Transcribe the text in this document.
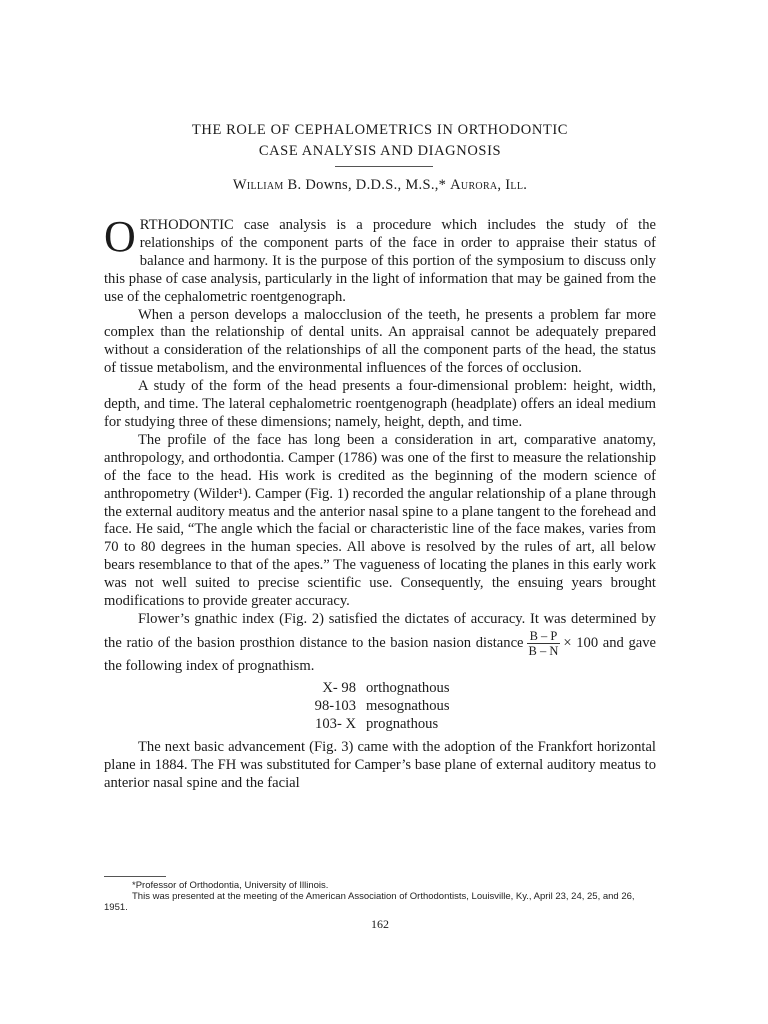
THE ROLE OF CEPHALOMETRICS IN ORTHODONTIC
CASE ANALYSIS AND DIAGNOSIS
William B. Downs, D.D.S., M.S.,* Aurora, Ill.

ORTHODONTIC case analysis is a procedure which includes the study of the relationships of the component parts of the face in order to appraise their status of balance and harmony. It is the purpose of this portion of the symposium to discuss only this phase of case analysis, particularly in the light of information that may be gained from the use of the cephalometric roentgenograph.

When a person develops a malocclusion of the teeth, he presents a problem far more complex than the relationship of dental units. An appraisal cannot be adequately prepared without a consideration of the relationships of all the component parts of the head, the status of tissue metabolism, and the environmental influences of the forces of occlusion.

A study of the form of the head presents a four-dimensional problem: height, width, depth, and time. The lateral cephalometric roentgenograph (headplate) offers an ideal medium for studying three of these dimensions; namely, height, depth, and time.

The profile of the face has long been a consideration in art, comparative anatomy, anthropology, and orthodontia. Camper (1786) was one of the first to measure the relationship of the face to the head. His work is credited as the beginning of the modern science of anthropometry (Wilder¹). Camper (Fig. 1) recorded the angular relationship of a plane through the external auditory meatus and the anterior nasal spine to a plane tangent to the forehead and face. He said, “The angle which the facial or characteristic line of the face makes, varies from 70 to 80 degrees in the human species. All above is resolved by the rules of art, all below bears resemblance to that of the apes.” The vagueness of locating the planes in this early work was not well suited to precise scientific use. Consequently, the ensuing years brought modifications to provide greater accuracy.

Flower’s gnathic index (Fig. 2) satisfied the dictates of accuracy. It was determined by the ratio of the basion prosthion distance to the basion nasion distance $\frac{B - P}{B - N} \times 100$ and gave the following index of prognathism.

X- 98 orthognathous
98-103 mesognathous
103- X prognathous

The next basic advancement (Fig. 3) came with the adoption of the Frankfort horizontal plane in 1884. The FH was substituted for Camper’s base plane of external auditory meatus to anterior nasal spine and the facial

*Professor of Orthodontia, University of Illinois.

This was presented at the meeting of the American Association of Orthodontists, Louisville, Ky., April 23, 24, 25, and 26, 1951.

162
